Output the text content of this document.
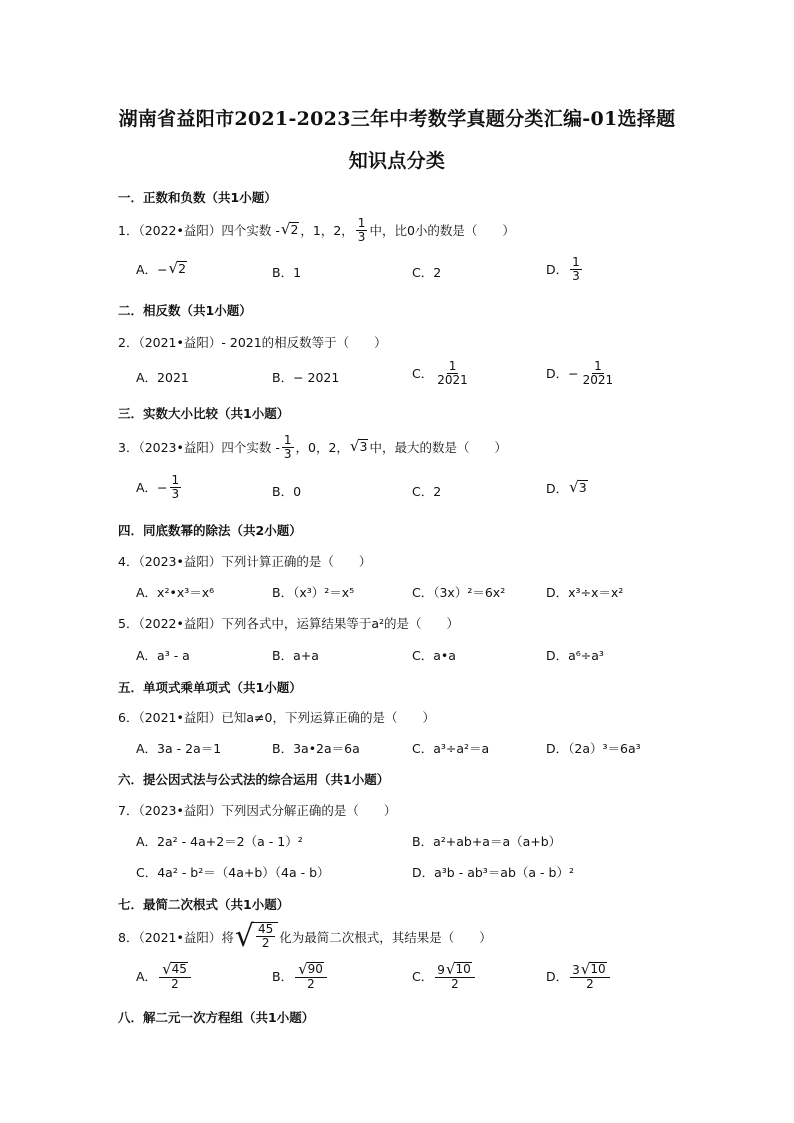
湖南省益阳市2021-2023三年中考数学真题分类汇编-01选择题
知识点分类
一．正数和负数（共1小题）
1．（2022•益阳）四个实数 - √ 2 ，1，2， $\frac{1}{3}$ 中，比0小的数是（　　）
A． − √ 2	B．1	C．2	D． $\frac{1}{3}$
二．相反数（共1小题）
2．（2021•益阳）- 2021的相反数等于（　　）
A．2021	B．− 2021	C． $\frac{1}{2021}$	D．− $\frac{1}{2021}$
三．实数大小比较（共1小题）
3．（2023•益阳）四个实数 - $\frac{1}{3}$ ，0，2， √ 3 中，最大的数是（　　）
A．− $\frac{1}{3}$	B．0	C．2	D． √ 3
四．同底数幂的除法（共2小题）
4．（2023•益阳）下列计算正确的是（　　）
A．x²•x³＝x⁶	B．（x³）²＝x⁵	C．（3x）²＝6x²	D．x³÷x＝x²
5．（2022•益阳）下列各式中，运算结果等于a²的是（　　）
A．a³ - a	B．a+a	C．a•a	D．a⁶÷a³
五．单项式乘单项式（共1小题）
6．（2021•益阳）已知a≠0，下列运算正确的是（　　）
A．3a - 2a＝1	B．3a•2a＝6a	C．a³÷a²＝a	D．（2a）³＝6a³
六．提公因式法与公式法的综合运用（共1小题）
7．（2023•益阳）下列因式分解正确的是（　　）
A．2a² - 4a+2＝2（a - 1）²	B．a²+ab+a＝a（a+b）
C．4a² - b²＝（4a+b）（4a - b）	D．a³b - ab³＝ab（a - b）²
七．最简二次根式（共1小题）
8．（2021•益阳）将 √ $\frac{45}{2}$ 化为最简二次根式，其结果是（　　）
A． $\frac{√ 45}{2}$	B． $\frac{√ 90}{2}$	C． $\frac{9 √ 10}{2}$	D． $\frac{3 √ 10}{2}$
八．解二元一次方程组（共1小题）
